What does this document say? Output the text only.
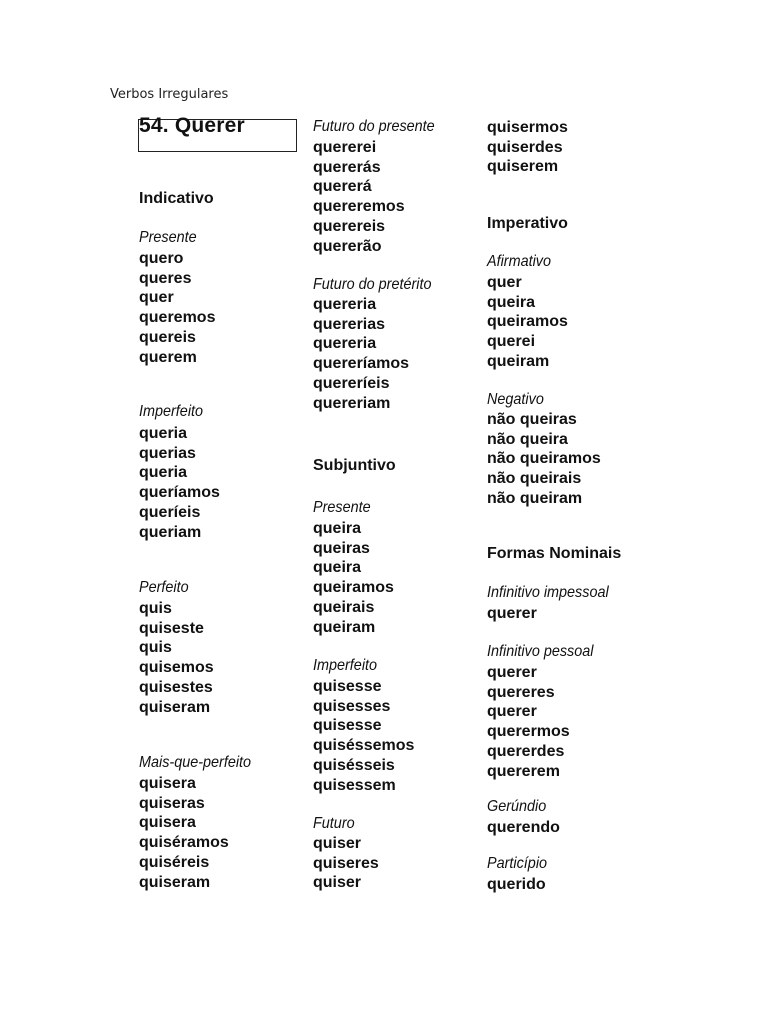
Verbos Irregulares
54. Querer
Indicativo
Presente
quero
queres
quer
queremos
quereis
querem
Imperfeito
queria
querias
queria
queríamos
queríeis
queriam
Perfeito
quis
quiseste
quis
quisemos
quisestes
quiseram
Mais-que-perfeito
quisera
quiseras
quisera
quiséramos
quiséreis
quiseram
Futuro do presente
quererei
quererás
quererá
quereremos
querereis
quererão
Futuro do pretérito
quereria
quererias
quereria
quereríamos
quereríeis
quereriam
Subjuntivo
Presente
queira
queiras
queira
queiramos
queirais
queiram
Imperfeito
quisesse
quisesses
quisesse
quiséssemos
quisésseis
quisessem
Futuro
quiser
quiseres
quiser
quisermos
quiserdes
quiserem
Imperativo
Afirmativo
quer
queira
queiramos
querei
queiram
Negativo
não queiras
não queira
não queiramos
não queirais
não queiram
Formas Nominais
Infinitivo impessoal
querer
Infinitivo pessoal
querer
quereres
querer
querermos
quererdes
quererem
Gerúndio
querendo
Particípio
querido
